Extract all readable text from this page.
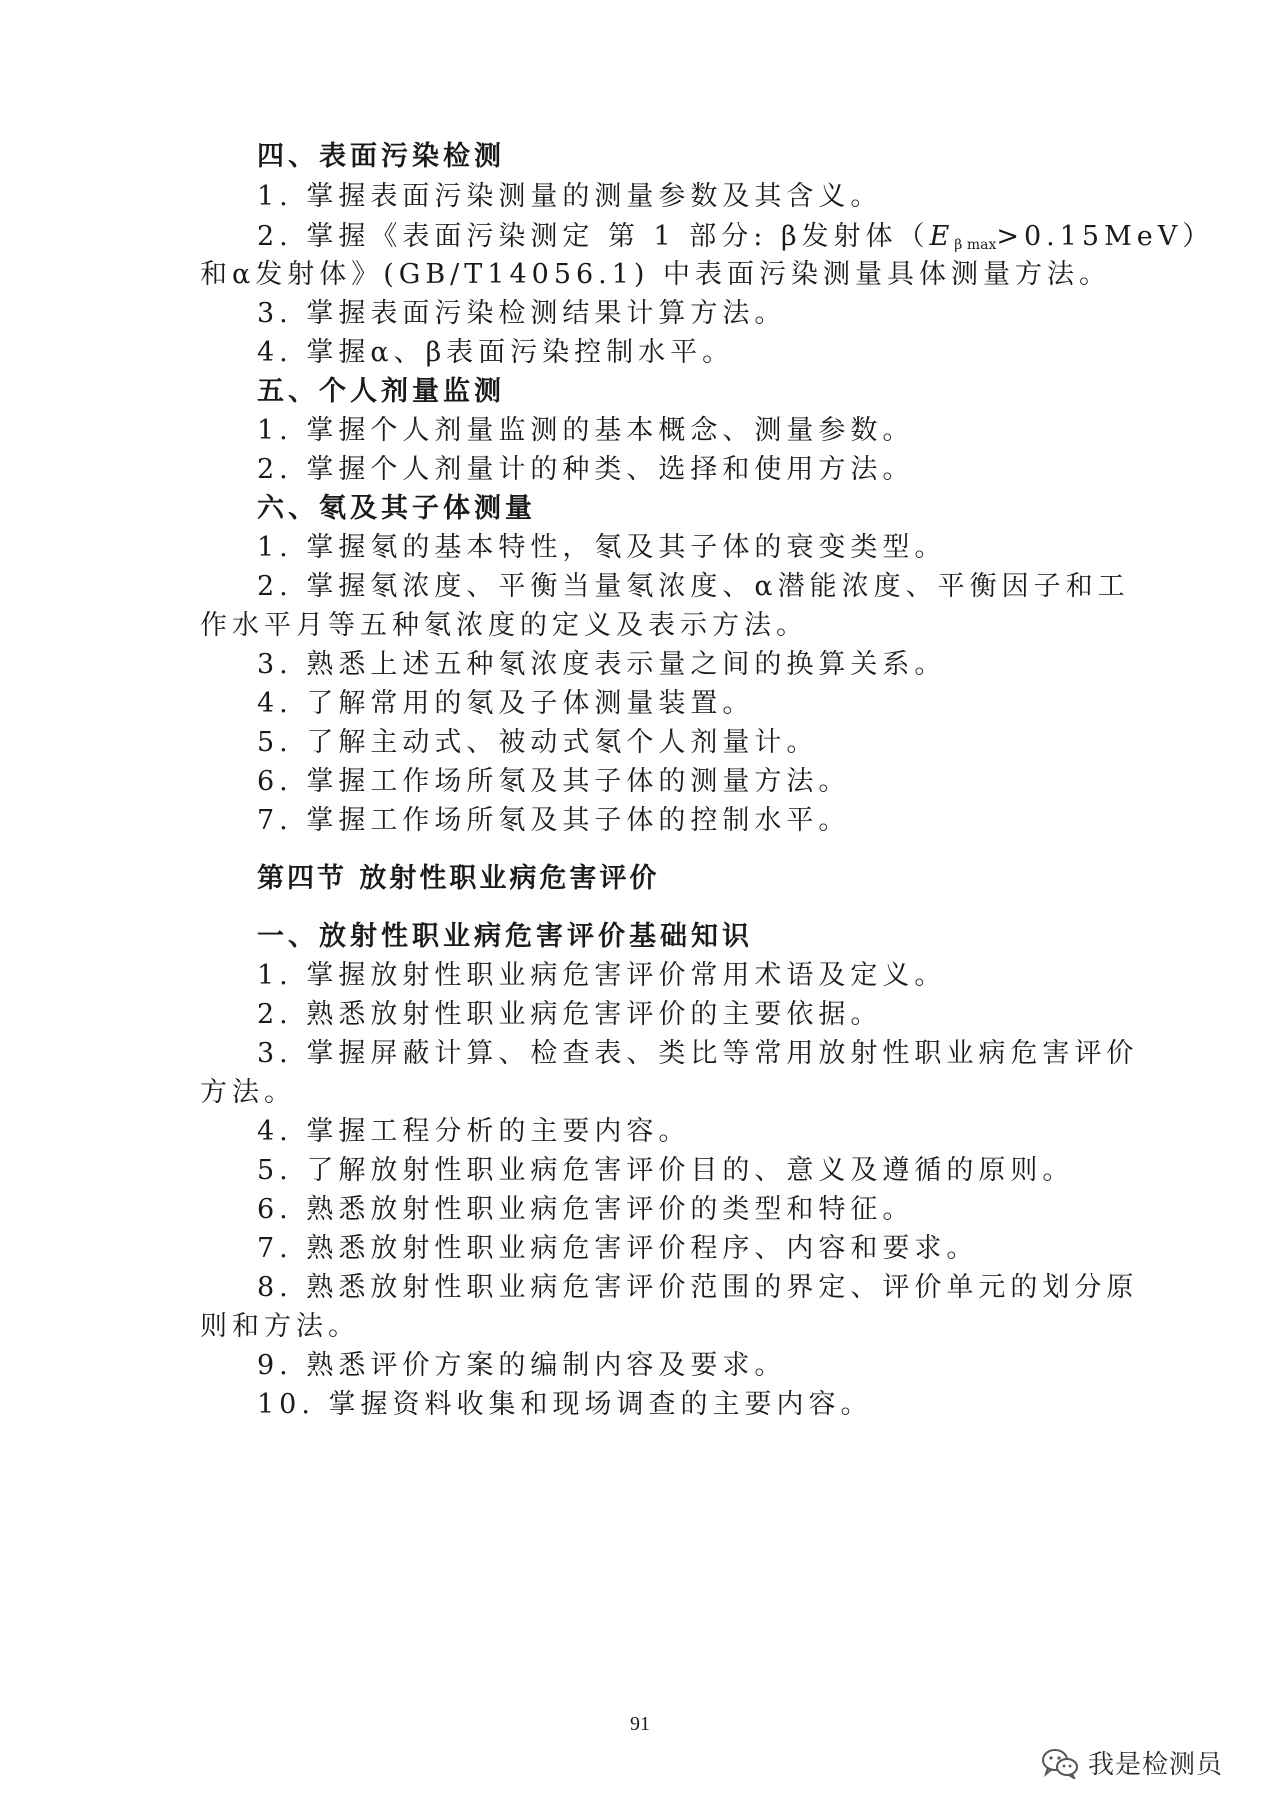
四、表面污染检测
1. 掌握表面污染测量的测量参数及其含义。
2. 掌握《表面污染测定 第 1 部分: β发射体$(E_{\beta max}>0.15MeV)$
和α发射体》(GB/T14056.1) 中表面污染测量具体测量方法。
3. 掌握表面污染检测结果计算方法。
4. 掌握α、β表面污染控制水平。
五、个人剂量监测
1. 掌握个人剂量监测的基本概念、测量参数。
2. 掌握个人剂量计的种类、选择和使用方法。
六、氡及其子体测量
1. 掌握氡的基本特性，氡及其子体的衰变类型。
2. 掌握氡浓度、平衡当量氡浓度、α潜能浓度、平衡因子和工
作水平月等五种氡浓度的定义及表示方法。
3. 熟悉上述五种氡浓度表示量之间的换算关系。
4. 了解常用的氡及子体测量装置。
5. 了解主动式、被动式氡个人剂量计。
6. 掌握工作场所氡及其子体的测量方法。
7. 掌握工作场所氡及其子体的控制水平。
第四节 放射性职业病危害评价
一、放射性职业病危害评价基础知识
1. 掌握放射性职业病危害评价常用术语及定义。
2. 熟悉放射性职业病危害评价的主要依据。
3. 掌握屏蔽计算、检查表、类比等常用放射性职业病危害评价
方法。
4. 掌握工程分析的主要内容。
5. 了解放射性职业病危害评价目的、意义及遵循的原则。
6. 熟悉放射性职业病危害评价的类型和特征。
7. 熟悉放射性职业病危害评价程序、内容和要求。
8. 熟悉放射性职业病危害评价范围的界定、评价单元的划分原
则和方法。
9. 熟悉评价方案的编制内容及要求。
10. 掌握资料收集和现场调查的主要内容。
91
我是检测员
